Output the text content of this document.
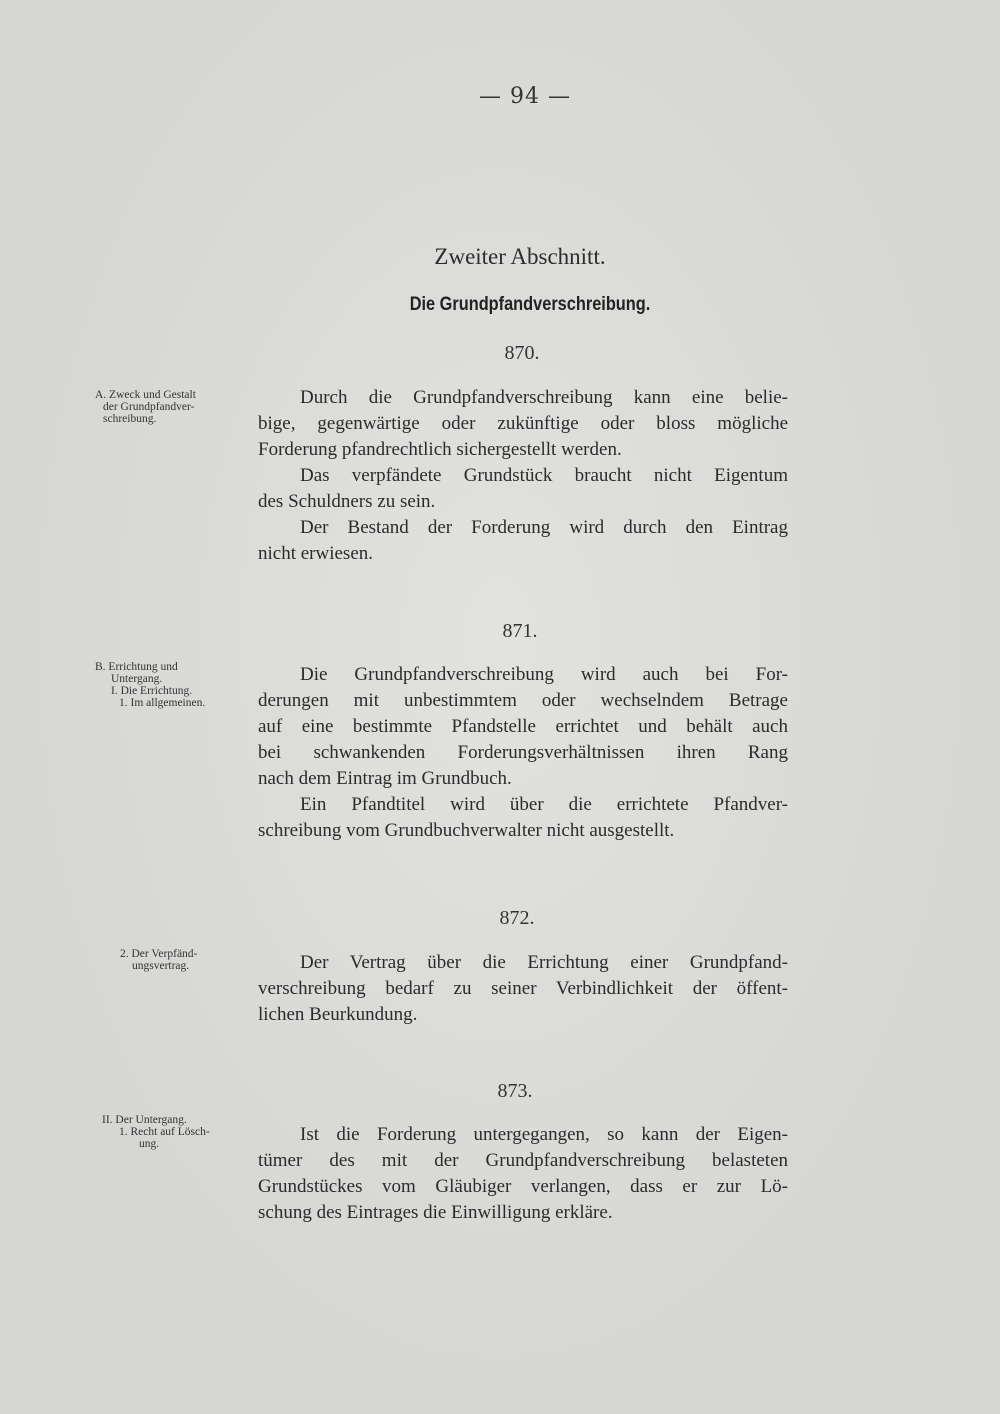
— 94 —
Zweiter Abschnitt.
Die Grundpfandverschreibung.
870.
A. Zweck und Gestalt
der Grundpfandver-
schreibung.
Durch die Grundpfandverschreibung kann eine belie-
bige, gegenwärtige oder zukünftige oder bloss mögliche
Forderung pfandrechtlich sichergestellt werden.
Das verpfändete Grundstück braucht nicht Eigentum
des Schuldners zu sein.
Der Bestand der Forderung wird durch den Eintrag
nicht erwiesen.
871.
B. Errichtung und
Untergang.
I. Die Errichtung.
1. Im allgemeinen.
Die Grundpfandverschreibung wird auch bei For-
derungen mit unbestimmtem oder wechselndem Betrage
auf eine bestimmte Pfandstelle errichtet und behält auch
bei schwankenden Forderungsverhältnissen ihren Rang
nach dem Eintrag im Grundbuch.
Ein Pfandtitel wird über die errichtete Pfandver-
schreibung vom Grundbuchverwalter nicht ausgestellt.
872.
2. Der Verpfänd-
ungsvertrag.	Der Vertrag über die Errichtung einer Grundpfand-
verschreibung bedarf zu seiner Verbindlichkeit der öffent-
lichen Beurkundung.
873.
II. Der Untergang.
1. Recht auf Lösch-
ung.	Ist die Forderung untergegangen, so kann der Eigen-
tümer des mit der Grundpfandverschreibung belasteten
Grundstückes vom Gläubiger verlangen, dass er zur Lö-
schung des Eintrages die Einwilligung erkläre.
